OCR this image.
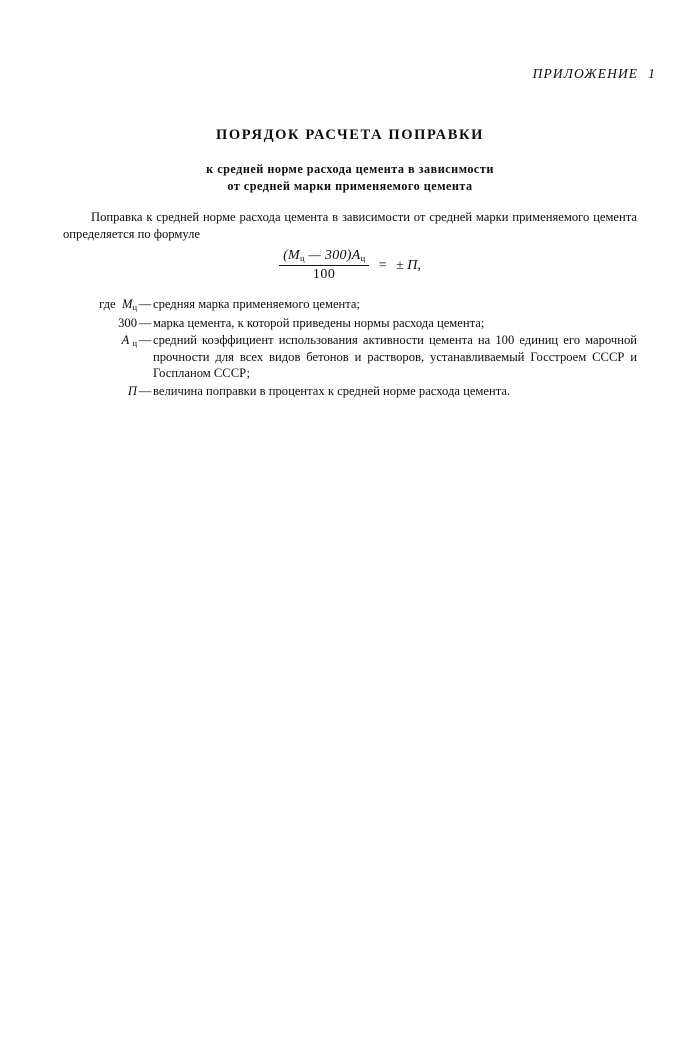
ПРИЛОЖЕНИЕ 1
ПОРЯДОК РАСЧЕТА ПОПРАВКИ
к средней норме расхода цемента в зависимости
от средней марки применяемого цемента
Поправка к средней норме расхода цемента в зависимости от средней марки применяемого цемента определяется по формуле
$\frac{(M_ц — 300)A_ц}{100}$ = ± П,
где $M_ц$ — средняя марка применяемого цемента;
300 — марка цемента, к которой приведены нормы расхода цемента;
A $_ц$ — средний коэффициент использования активности цемента на 100 единиц его марочной прочности для всех видов бетонов и растворов, устанавливаемый Госстроем СССР и Госпланом СССР;
П — величина поправки в процентах к средней норме расхода цемента.
